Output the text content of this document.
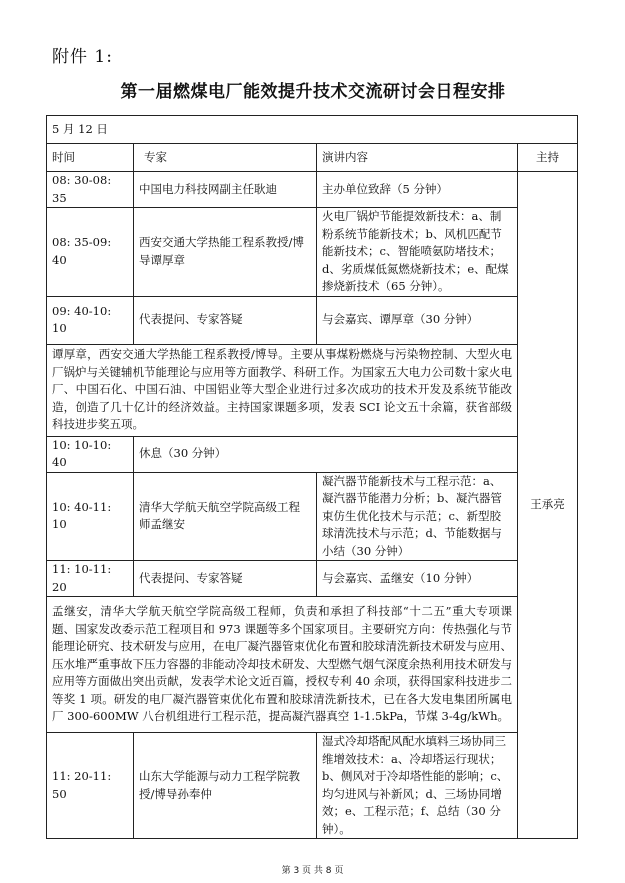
附件 1:
第一届燃煤电厂能效提升技术交流研讨会日程安排
5 月 12 日			
时间	专家	演讲内容	主持
08: 30-08: 35	中国电力科技网副主任耿迪	主办单位致辞（5 分钟）	王承亮
08: 35-09: 40	西安交通大学热能工程系教授/博导谭厚章	火电厂锅炉节能提效新技术：a、制粉系统节能新技术；b、风机匹配节能新技术；c、智能喷氨防堵技术；d、劣质煤低氮燃烧新技术；e、配煤掺烧新技术（65 分钟）。	
09: 40-10: 10	代表提问、专家答疑	与会嘉宾、谭厚章（30 分钟）	
谭厚章，西安交通大学热能工程系教授/博导。主要从事煤粉燃烧与污染物控制、大型火电厂锅炉与关键辅机节能理论与应用等方面教学、科研工作。为国家五大电力公司数十家火电厂、中国石化、中国石油、中国铝业等大型企业进行过多次成功的技术开发及系统节能改造，创造了几十亿计的经济效益。主持国家课题多项，发表 SCI 论文五十余篇，获省部级科技进步奖五项。			
10: 10-10: 40	休息（30 分钟）		
10: 40-11: 10	清华大学航天航空学院高级工程师孟继安	凝汽器节能新技术与工程示范：a、凝汽器节能潜力分析；b、凝汽器管束仿生优化技术与示范；c、新型胶球清洗技术与示范；d、节能数据与小结（30 分钟）	
11: 10-11: 20	代表提问、专家答疑	与会嘉宾、孟继安（10 分钟）	
孟继安，清华大学航天航空学院高级工程师，负责和承担了科技部“十二五”重大专项课题、国家发改委示范工程项目和 973 课题等多个国家项目。主要研究方向：传热强化与节能理论研究、技术研发与应用，在电厂凝汽器管束优化布置和胶球清洗新技术研发与应用、压水堆严重事故下压力容器的非能动冷却技术研发、大型燃气烟气深度余热利用技术研发与应用等方面做出突出贡献，发表学术论文近百篇，授权专利 40 余项，获得国家科技进步二等奖 1 项。研发的电厂凝汽器管束优化布置和胶球清洗新技术，已在各大发电集团所属电厂 300-600MW 八台机组进行工程示范，提高凝汽器真空 1-1.5kPa，节煤 3-4g/kWh。			
11: 20-11: 50	山东大学能源与动力工程学院教授/博导孙奉仲	湿式冷却塔配风配水填料三场协同三维增效技术：a、冷却塔运行现状；b、侧风对于冷却塔性能的影响；c、均匀进风与补新风；d、三场协同增效；e、工程示范；f、总结（30 分钟）。	
第 3 页 共 8 页
